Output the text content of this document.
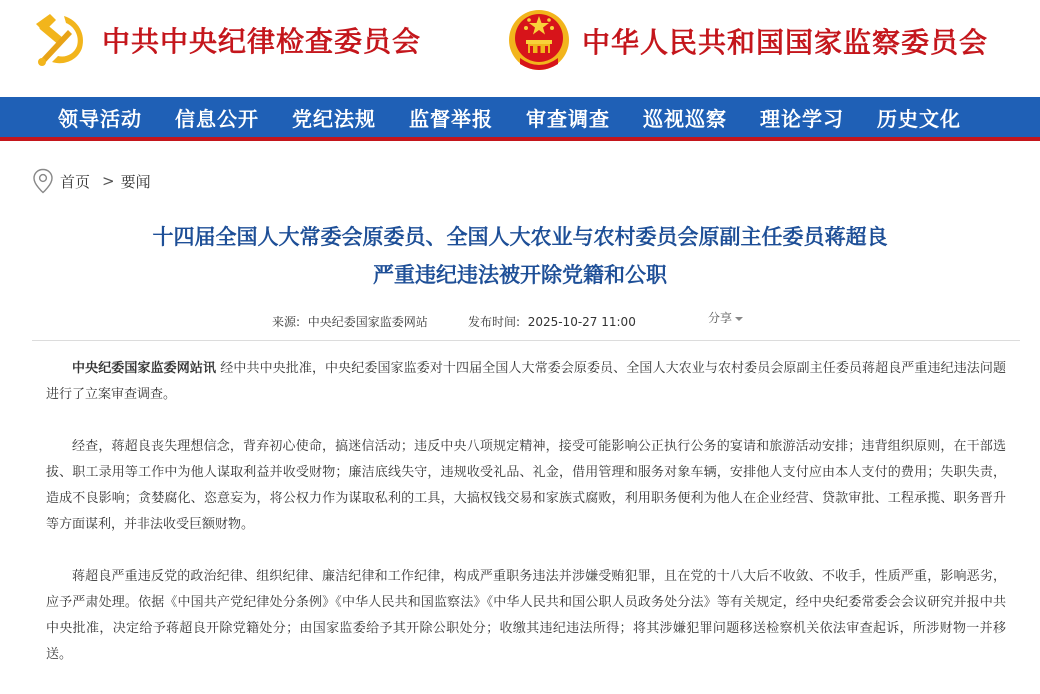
中共中央纪律检查委员会	中华人民共和国国家监察委员会
领导活动 信息公开 党纪法规 监督举报 审查调查 巡视巡察 理论学习 历史文化
首页 > 要闻
十四届全国人大常委会原委员、全国人大农业与农村委员会原副主任委员蒋超良
严重违纪违法被开除党籍和公职
来源: 中央纪委国家监委网站	发布时间: 2025-10-27 11:00	分享

中央纪委国家监委网站讯 经中共中央批准，中央纪委国家监委对十四届全国人大常委会原委员、全国人大农业与农村委员会原副主任委员蒋超良严重违纪违法问题进行了立案审查调查。

经查，蒋超良丧失理想信念，背弃初心使命，搞迷信活动；违反中央八项规定精神，接受可能影响公正执行公务的宴请和旅游活动安排；违背组织原则，在干部选拔、职工录用等工作中为他人谋取利益并收受财物；廉洁底线失守，违规收受礼品、礼金，借用管理和服务对象车辆，安排他人支付应由本人支付的费用；失职失责，造成不良影响；贪婪腐化、恣意妄为，将公权力作为谋取私利的工具，大搞权钱交易和家族式腐败，利用职务便利为他人在企业经营、贷款审批、工程承揽、职务晋升等方面谋利，并非法收受巨额财物。

蒋超良严重违反党的政治纪律、组织纪律、廉洁纪律和工作纪律，构成严重职务违法并涉嫌受贿犯罪，且在党的十八大后不收敛、不收手，性质严重，影响恶劣，应予严肃处理。依据《中国共产党纪律处分条例》《中华人民共和国监察法》《中华人民共和国公职人员政务处分法》等有关规定，经中央纪委常委会会议研究并报中共中央批准，决定给予蒋超良开除党籍处分；由国家监委给予其开除公职处分；收缴其违纪违法所得；将其涉嫌犯罪问题移送检察机关依法审查起诉，所涉财物一并移送。
